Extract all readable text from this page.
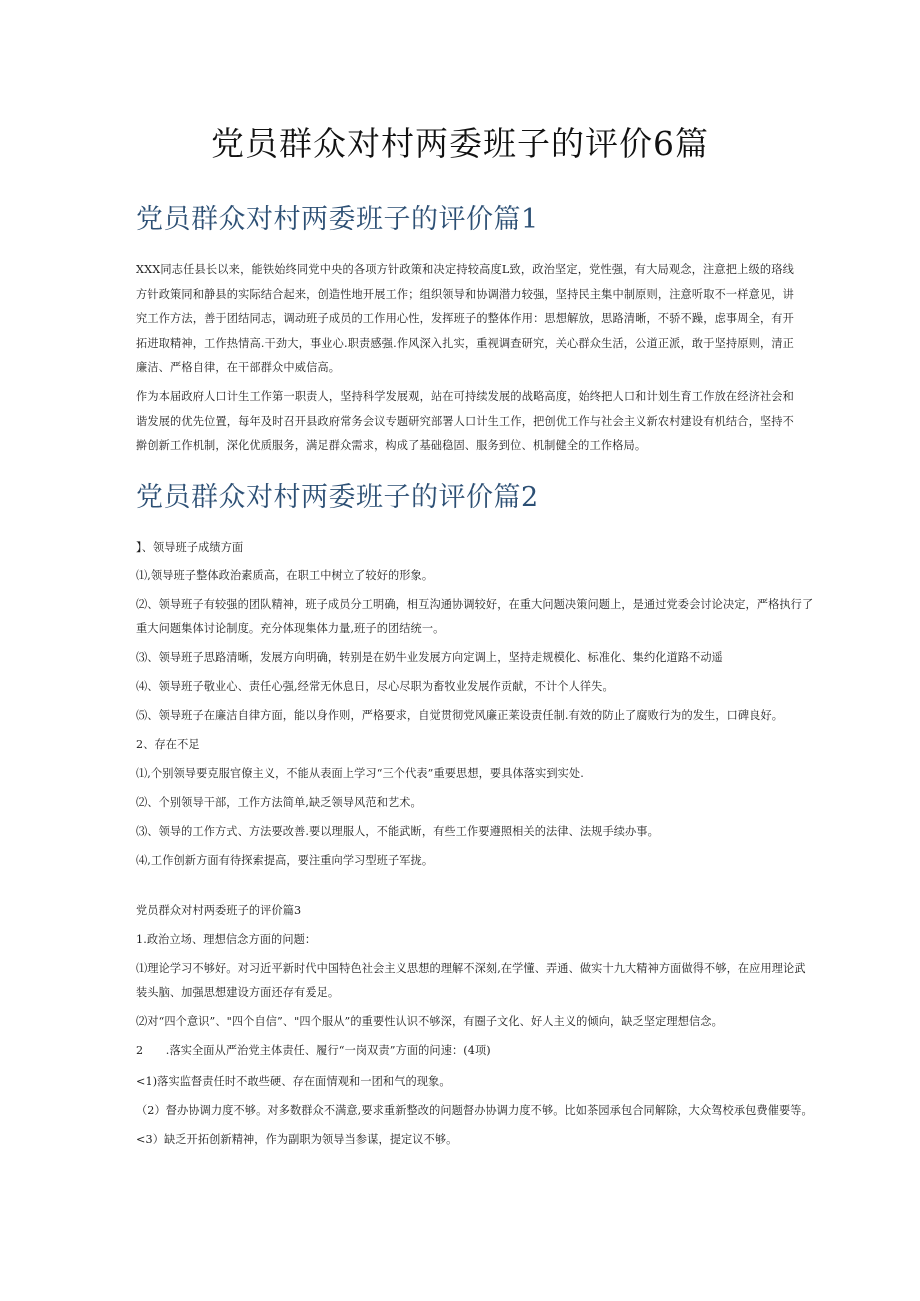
党员群众对村两委班子的评价6篇
党员群众对村两委班子的评价篇1
XXX同志任县长以来，能铁始终同党中央的各项方针政策和决定持较高度L致，政治坚定，党性强，有大局观念，注意把上级的珞线方针政策同和静县的实际结合起来，创造性地开展工作；组织领导和协调潜力较强，坚持民主集中制原则，注意听取不一样意见，讲究工作方法，善于团结同志，调动班子成员的工作用心性，发挥班子的整体作用：思想解放，思路清晰，不骄不躁，虑事周全，有开拓进取精神，工作热情高.干劲大，事业心.职责感强.作风深入扎实，重视调查研究，关心群众生活，公道正派，敢于坚持原则，清正廉洁、严格自律，在干部群众中威信高。
作为本届政府人口计生工作第一职责人，坚持科学发展观，站在可持续发展的战略高度，始终把人口和计划生育工作放在经济社会和谐发展的优先位置，每年及时召开县政府常务会议专题研究部署人口计生工作，把创优工作与社会主义新农村建设有机结合，坚持不擀创新工作机制，深化优质服务，满足群众需求，构成了基础稳固、服务到位、机制健全的工作格局。
党员群众对村两委班子的评价篇2
】、领导班子成绩方面
⑴,领导班子整体政治素质高，在职工中树立了较好的形象。
⑵、领导班子有较强的团队精神，班子成员分工明确，相互沟通协调较好，在重大问题决策问题上，是通过党委会讨论决定，严格执行了重大问题集体讨论制度。充分体现集体力量,班子的团结统一。
⑶、领导班子思路清晰，发展方向明确，转别是在奶牛业发展方向定调上，坚持走规模化、标准化、集约化道路不动遥
⑷、领导班子敬业心、责任心强,经常无休息日，尽心尽职为畜牧业发展作贡献，不计个人徉失。
⑸、领导班子在廉洁自律方面，能以身作则，严格要求，自觉贯彻党风廉正莱设责任制.有效的防止了腐败行为的发生，口碑良好。
2、存在不足
⑴,个别领导要克服官僚主义，不能从表面上学习“三个代表”重要思想，要具体落实到实处.
⑵、个别领导干部，工作方法简单,缺乏领导风范和艺术。
⑶、领导的工作方式、方法要改善.要以理服人，不能武断，有些工作要遵照相关的法律、法规手续办事。
⑷,工作创新方面有待探索提高，要注重向学习型班子军拢。
党员群众对村两委班子的评价篇3
1.政治立场、理想信念方面的问题：
⑴理论学习不够好。对习近平新时代中国特色社会主义思想的理解不深刻,在学懂、弄通、做实十九大精神方面做得不够，在应用理论武装头脑、加强思想建设方面还存有爰足。
⑵对“四个意识”、"四个自信”、"四个服从”的重要性认识不够深，有圈子文化、好人主义的倾向，缺乏坚定理想信念。
2　　.落实全面从严治党主体责任、履行“一岗双责”方面的问速：(4项)
<1)落实监督责任时不敢些硬、存在面情观和一团和气的现象。
（2）督办协调力度不够。对多数群众不满意,要求重新整改的问题督办协调力度不够。比如茶园承包合同解除，大众驾校承包费催要等。
<3）缺乏开拓创新精神，作为副职为领导当参谋，提定议不够。
